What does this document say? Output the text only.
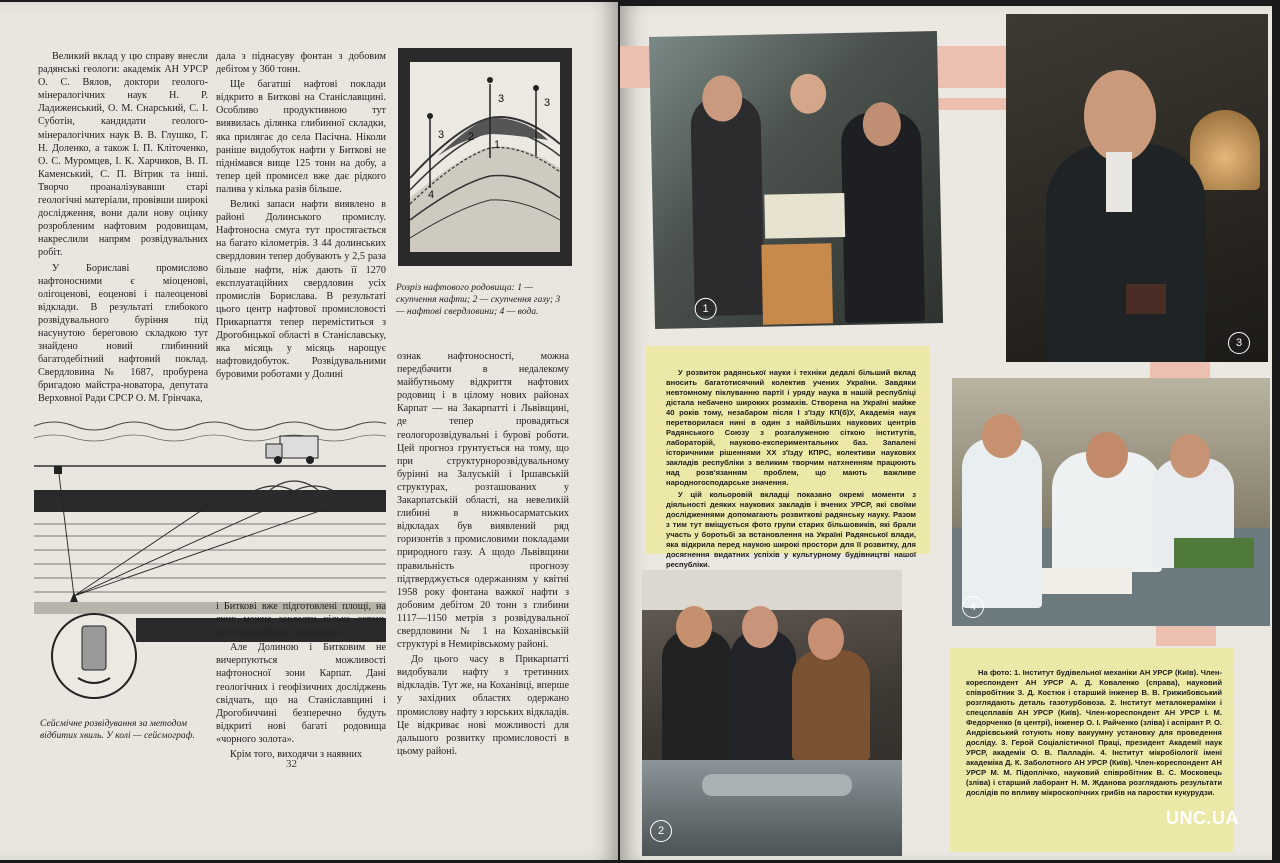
Великий вклад у цю справу внесли радянські геологи: академік АН УРСР О. С. Вялов, доктори геолого-мінералогічних наук Н. Р. Ладиженський, О. М. Снарський, С. І. Суботін, кандидати геолого-мінералогічних наук В. В. Глушко, Г. Н. Доленко, а також І. П. Кліточенко, О. С. Муромцев, І. К. Харчиков, В. П. Каменський, С. П. Вітрик та інші. Творчо проаналізувавши старі геологічні матеріали, провівши широкі дослідження, вони дали нову оцінку розробленим нафтовим родовищам, накреслили напрям розвідувальних робіт.

У Бориславі промислово нафтоносними є міоценові, олігоценові, еоценові і палеоценові відклади. В результаті глибокого розвідувального буріння під насунутою береговою складкою тут знайдено новий глибинний багатодебітний нафтовий поклад. Свердловина № 1687, пробурена бригадою майстра-новатора, депутата Верховної Ради СРСР О. М. Грінчака,

дала з піднасуву фонтан з добовим дебітом у 360 тонн.

Ще багатші нафтові поклади відкрито в Биткові на Станіславщині. Особливо продуктивною тут виявилась ділянка глибинної складки, яка прилягає до села Пасічна. Ніколи раніше видобуток нафти у Биткові не піднімався вище 125 тонн на добу, а тепер цей промисел вже дає рідкого палива у кілька разів більше.

Великі запаси нафти виявлено в районі Долинського промислу. Нафтоносна смуга тут простягається на багато кілометрів. З 44 долинських свердловин тепер добувають у 2,5 раза більше нафти, ніж дають її 1270 експлуатаційних свердловин усіх промислів Борислава. В результаті цього центр нафтової промисловості Прикарпаття тепер переміститься з Дрогобицької області в Станіславську, яка місяць у місяць нарощує нафтовидобуток. Розвідувальними буровими роботами у Долині

3
3	3
1
2
4
Розріз нафтового родовища: 1 — скупчення нафти; 2 — скупчення газу; 3 — нафтові свердловини; 4 — вода.

ознак нафтоносності, можна передбачити в недалекому майбутньому відкриття нафтових родовищ і в цілому нових районах Карпат — на Закарпатті і Львівщині, де тепер провадяться геологорозвідувальні і бурові роботи. Цей прогноз грунтується на тому, що при структурнорозвідувальному бурінні на Залуській і Іршавській структурах, розташованих у Закарпатській області, на невеликій глибині в нижньосарматських відкладах був виявлений ряд горизонтів з промисловими покладами природного газу. А щодо Львівщини правильність прогнозу підтверджується одержанням у квітні 1958 року фонтана важкої нафти з добовим дебітом 20 тонн з глибини 1117—1150 метрів з розвідувальної свердловини № 1 на Коханівській структурі в Немирівському районі.

До цього часу в Прикарпатті видобували нафту з третинних відкладів. Тут же, на Коханівці, вперше у західних областях одержано промислову нафту з юрських відкладів. Це відкриває нові можливості для дальшого розвитку промисловості в цьому районі.

Сейсмічне розвідування за методом відбитих хвиль. У колі — сейсмограф.

і Биткові вже підготовлені площі, на яких можна закласти кілька сотень експлуатаційних свердловин.

Але Долиною і Битковим не вичерпуються можливості нафтоносної зони Карпат. Дані геологічних і геофізичних досліджень свідчать, що на Станіславщині і Дрогобиччині безперечно будуть відкриті нові багаті родовища «чорного золота».

Крім того, виходячи з наявних

32
1
3

У розвиток радянської науки і техніки дедалі більший вклад вносить багатотисячний колектив учених України. Завдяки невтомному піклуванню партії і уряду наука в нашій республіці дістала небачено широких розмахів. Створена на Україні майже 40 років тому, незабаром після І з'їзду КП(б)У, Академія наук перетворилася нині в один з найбільших наукових центрів Радянського Союзу з розгалуженою сіткою інститутів, лабораторій, науково-експериментальних баз. Запалені історичними рішеннями XX з'їзду КПРС, колективи наукових закладів республіки з великим творчим натхненням працюють над розв'язанням проблем, що мають важливе народногосподарське значення.

У цій кольоровій вкладці показано окремі моменти з діяльності деяких наукових закладів і вчених УРСР, які своїми дослідженнями допомагають розвиткові радянську науку. Разом з тим тут вміщується фото групи старих більшовиків, які брали участь у боротьбі за встановлення на Україні Радянської влади, яка відкрила перед наукою широкі простори для її розвитку, для досягнення видатних успіхів у культурному будівництві нашої республіки.

4
2

На фото: 1. Інститут будівельної механіки АН УРСР (Київ). Член-кореспондент АН УРСР А. Д. Коваленко (справа), науковий співробітник З. Д. Костюк і старший інженер В. В. Грижибовський розглядають деталь газотурбовоза. 2. Інститут металокераміки і спецсплавів АН УРСР (Київ). Член-кореспондент АН УРСР І. М. Федорченко (в центрі), інженер О. І. Райченко (зліва) і аспірант Р. О. Андрієвський готують нову вакуумну установку для проведення досліду. 3. Герой Соціалістичної Праці, президент Академії наук УРСР, академік О. В. Палладін. 4. Інститут мікробіології імені академіка Д. К. Заболотного АН УРСР (Київ). Член-кореспондент АН УРСР М. М. Підоплічко, науковий співробітник В. С. Московець (зліва) і старший лаборант Н. М. Жданова розглядають результати дослідів по впливу мікроскопічних грибів на паростки кукурудзи.

UNC.UA
